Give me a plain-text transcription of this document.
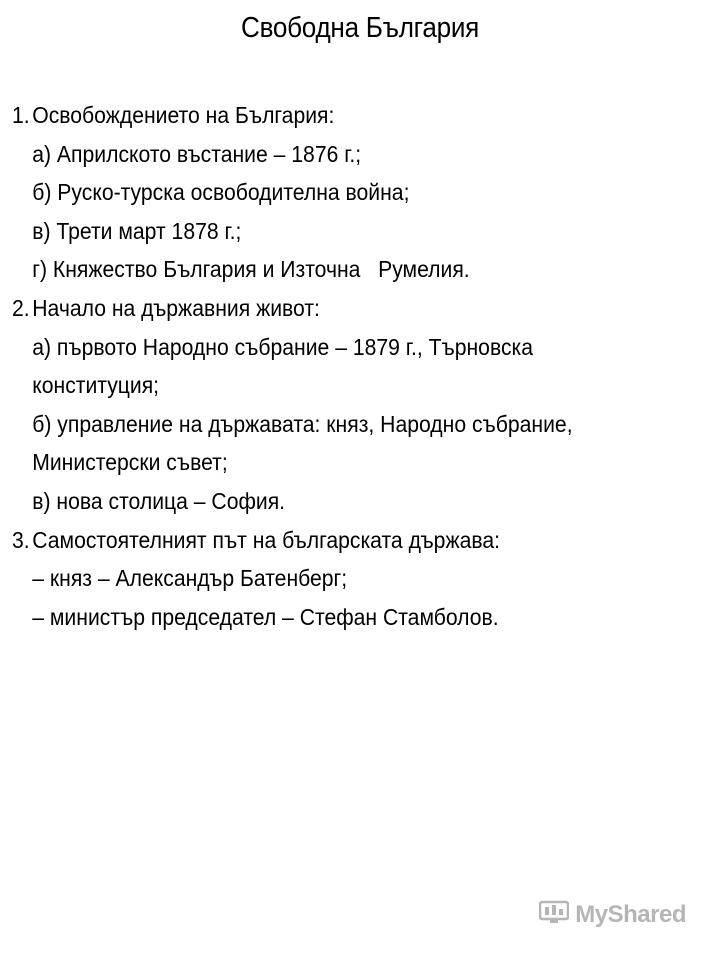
Свободна България
1. Освобождението на България:
а) Априлското въстание – 1876 г.;
б) Руско-турска освободителна война;
в) Трети март 1878 г.;
г) Княжество България и Източна   Румелия.
2. Начало на държавния живот:
а) първото Народно събрание – 1879 г., Търновска конституция;
б) управление на държавата: княз, Народно събрание, Министерски съвет;
в) нова столица – София.
3. Самостоятелният път на българската държава:
– княз – Александър Батенберг;
– министър председател – Стефан Стамболов.
MyShared
